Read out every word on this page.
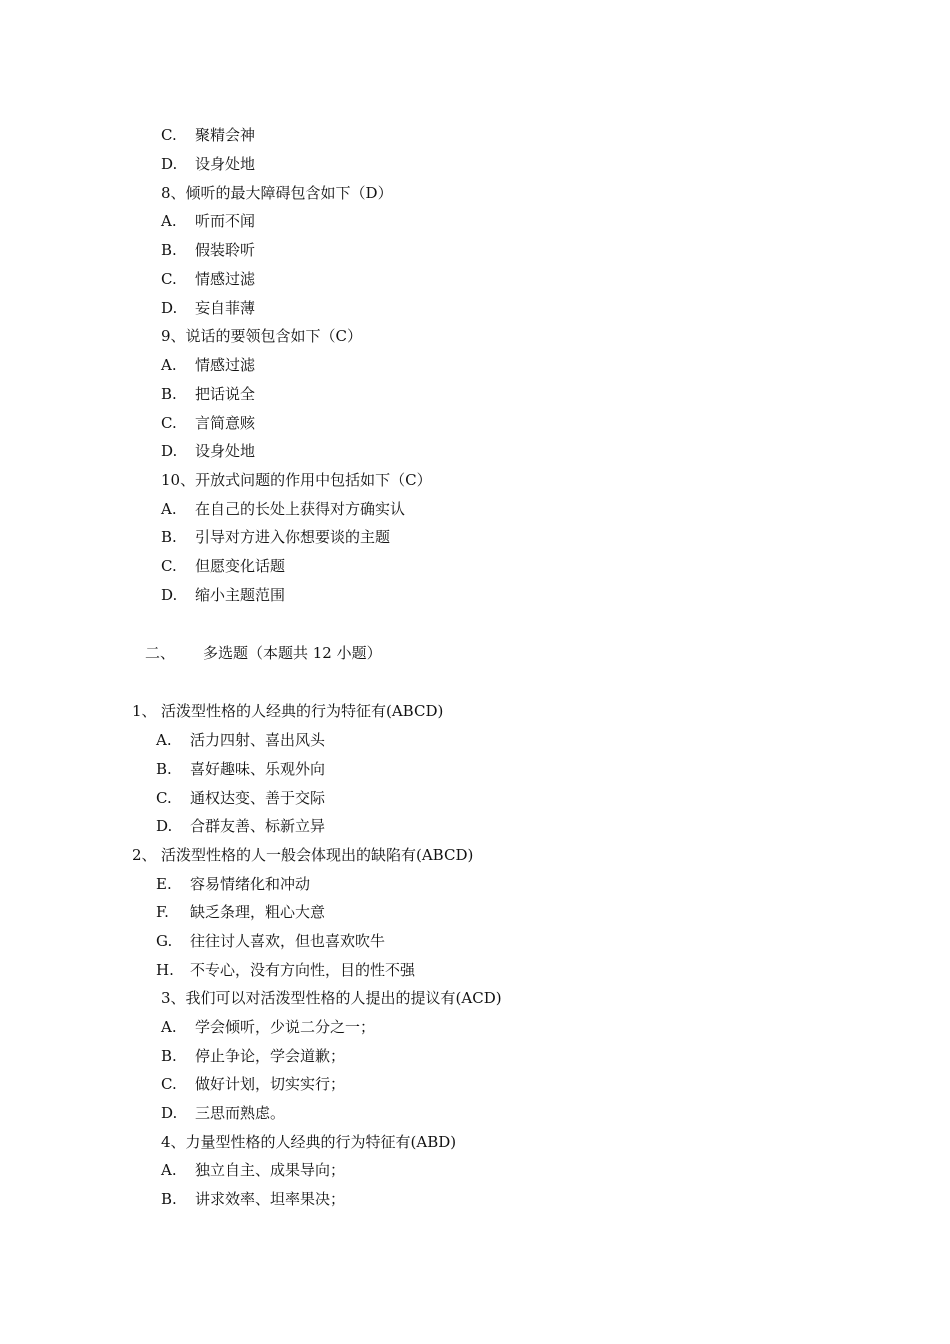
C. 聚精会神
D. 设身处地
8、倾听的最大障碍包含如下（D）
A. 听而不闻
B. 假装聆听
C. 情感过滤
D. 妄自菲薄
9、说话的要领包含如下（C）
A. 情感过滤
B. 把话说全
C. 言简意赅
D. 设身处地
10、开放式问题的作用中包括如下（C）
A. 在自己的长处上获得对方确实认
B. 引导对方进入你想要谈的主题
C. 但愿变化话题
D. 缩小主题范围
二、 多选题（本题共 12 小题）
1、 活泼型性格的人经典的行为特征有(ABCD)
A. 活力四射、喜出风头
B. 喜好趣味、乐观外向
C. 通权达变、善于交际
D. 合群友善、标新立异
2、 活泼型性格的人一般会体现出的缺陷有(ABCD)
E. 容易情绪化和冲动
F. 缺乏条理，粗心大意
G. 往往讨人喜欢，但也喜欢吹牛
H. 不专心，没有方向性，目的性不强
3、我们可以对活泼型性格的人提出的提议有(ACD)
A. 学会倾听，少说二分之一；
B. 停止争论，学会道歉；
C. 做好计划，切实实行；
D. 三思而熟虑。
4、力量型性格的人经典的行为特征有(ABD)
A. 独立自主、成果导向；
B. 讲求效率、坦率果决；
